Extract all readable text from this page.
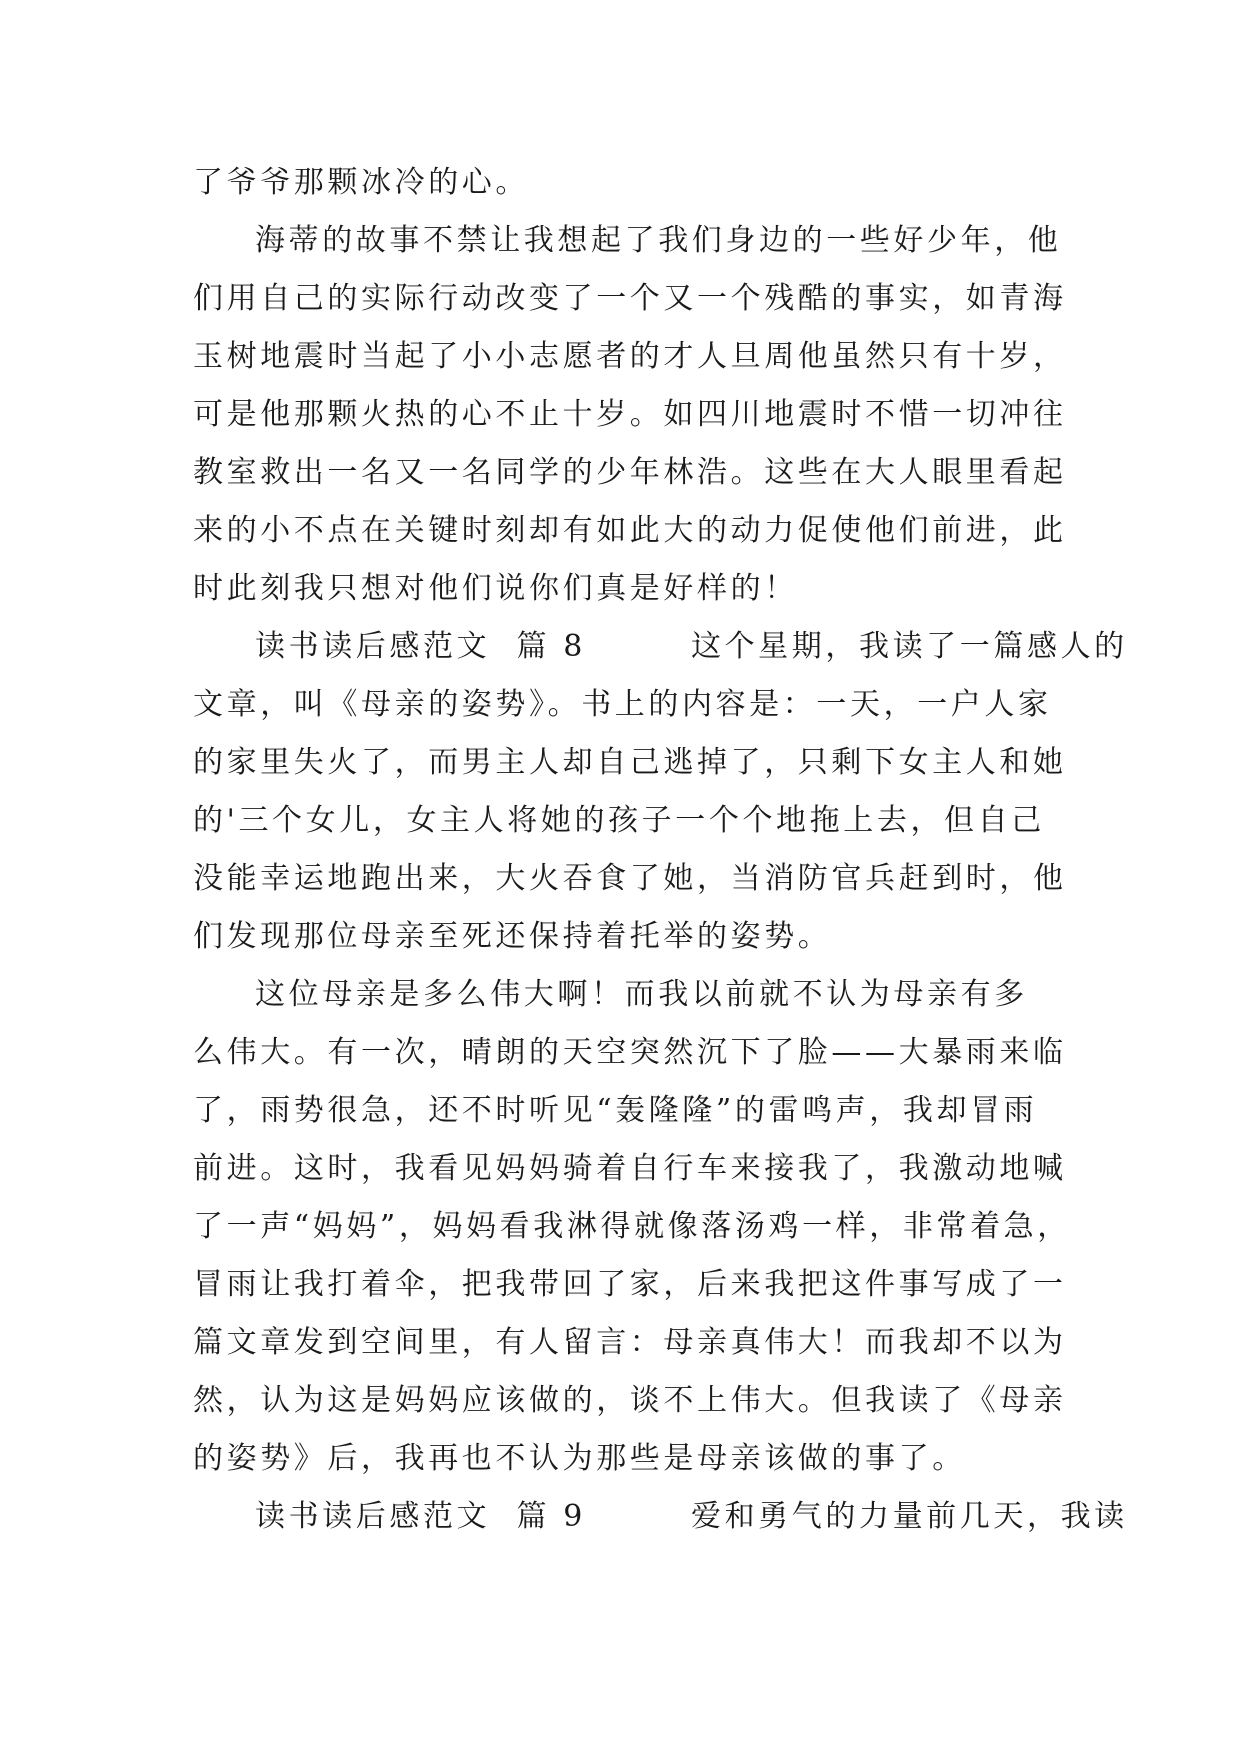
了爷爷那颗冰冷的心。
海蒂的故事不禁让我想起了我们身边的一些好少年，他
们用自己的实际行动改变了一个又一个残酷的事实，如青海
玉树地震时当起了小小志愿者的才人旦周他虽然只有十岁，
可是他那颗火热的心不止十岁。如四川地震时不惜一切冲往
教室救出一名又一名同学的少年林浩。这些在大人眼里看起
来的小不点在关键时刻却有如此大的动力促使他们前进，此
时此刻我只想对他们说你们真是好样的！
读书读后感范文  篇 8        这个星期，我读了一篇感人的
文章，叫《母亲的姿势》。书上的内容是：一天，一户人家
的家里失火了，而男主人却自己逃掉了，只剩下女主人和她
的'三个女儿，女主人将她的孩子一个个地拖上去，但自己
没能幸运地跑出来，大火吞食了她，当消防官兵赶到时，他
们发现那位母亲至死还保持着托举的姿势。
这位母亲是多么伟大啊！而我以前就不认为母亲有多
么伟大。有一次，晴朗的天空突然沉下了脸——大暴雨来临
了，雨势很急，还不时听见“轰隆隆”的雷鸣声，我却冒雨
前进。这时，我看见妈妈骑着自行车来接我了，我激动地喊
了一声“妈妈”，妈妈看我淋得就像落汤鸡一样，非常着急，
冒雨让我打着伞，把我带回了家，后来我把这件事写成了一
篇文章发到空间里，有人留言：母亲真伟大！而我却不以为
然，认为这是妈妈应该做的，谈不上伟大。但我读了《母亲
的姿势》后，我再也不认为那些是母亲该做的事了。
读书读后感范文  篇 9        爱和勇气的力量前几天，我读
